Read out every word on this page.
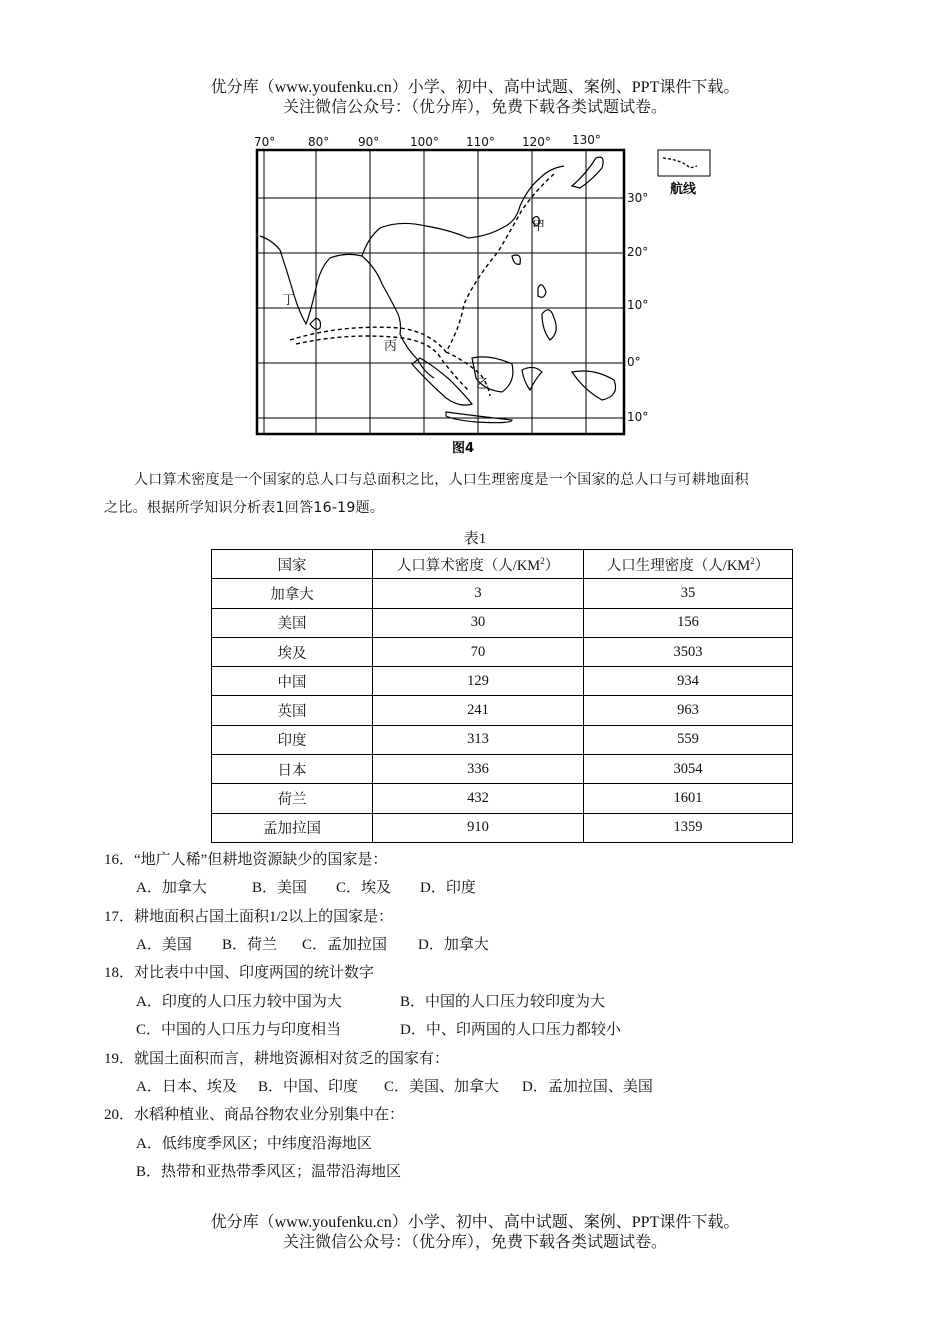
优分库（www.youfenku.cn）小学、初中、高中试题、案例、PPT课件下载。
关注微信公众号：（优分库），免费下载各类试题试卷。
70°	80° 90°	100° 110° 120° 130°
30°
20°
10°
0°
10°
甲
丁
丙
乙
航线
图4
人口算术密度是一个国家的总人口与总面积之比，人口生理密度是一个国家的总人口与可耕地面积
之比。根据所学知识分析表1回答16-19题。
表1
国家	人口算术密度（人$/KM^2$）	人口生理密度（人$/KM^2$）
加拿大	3	35
美国	30	156
埃及	70	3503
中国	129	934
英国	241	963
印度	313	559
日本	336	3054
荷兰	432	1601
孟加拉国	910	1359
16．“地广人稀”但耕地资源缺少的国家是：
A．加拿大	B．美国 C．埃及 D．印度
17．耕地面积占国土面积1/2以上的国家是：
A．美国 B．荷兰 C．孟加拉国 D．加拿大
18．对比表中中国、印度两国的统计数字
A．印度的人口压力较中国为大	B．中国的人口压力较印度为大
C．中国的人口压力与印度相当	D．中、印两国的人口压力都较小
19．就国土面积而言，耕地资源相对贫乏的国家有：
A．日本、埃及 B．中国、印度 C．美国、加拿大 D．孟加拉国、美国
20．水稻种植业、商品谷物农业分别集中在：
A．低纬度季风区；中纬度沿海地区
B．热带和亚热带季风区；温带沿海地区
优分库（www.youfenku.cn）小学、初中、高中试题、案例、PPT课件下载。
关注微信公众号：（优分库），免费下载各类试题试卷。
